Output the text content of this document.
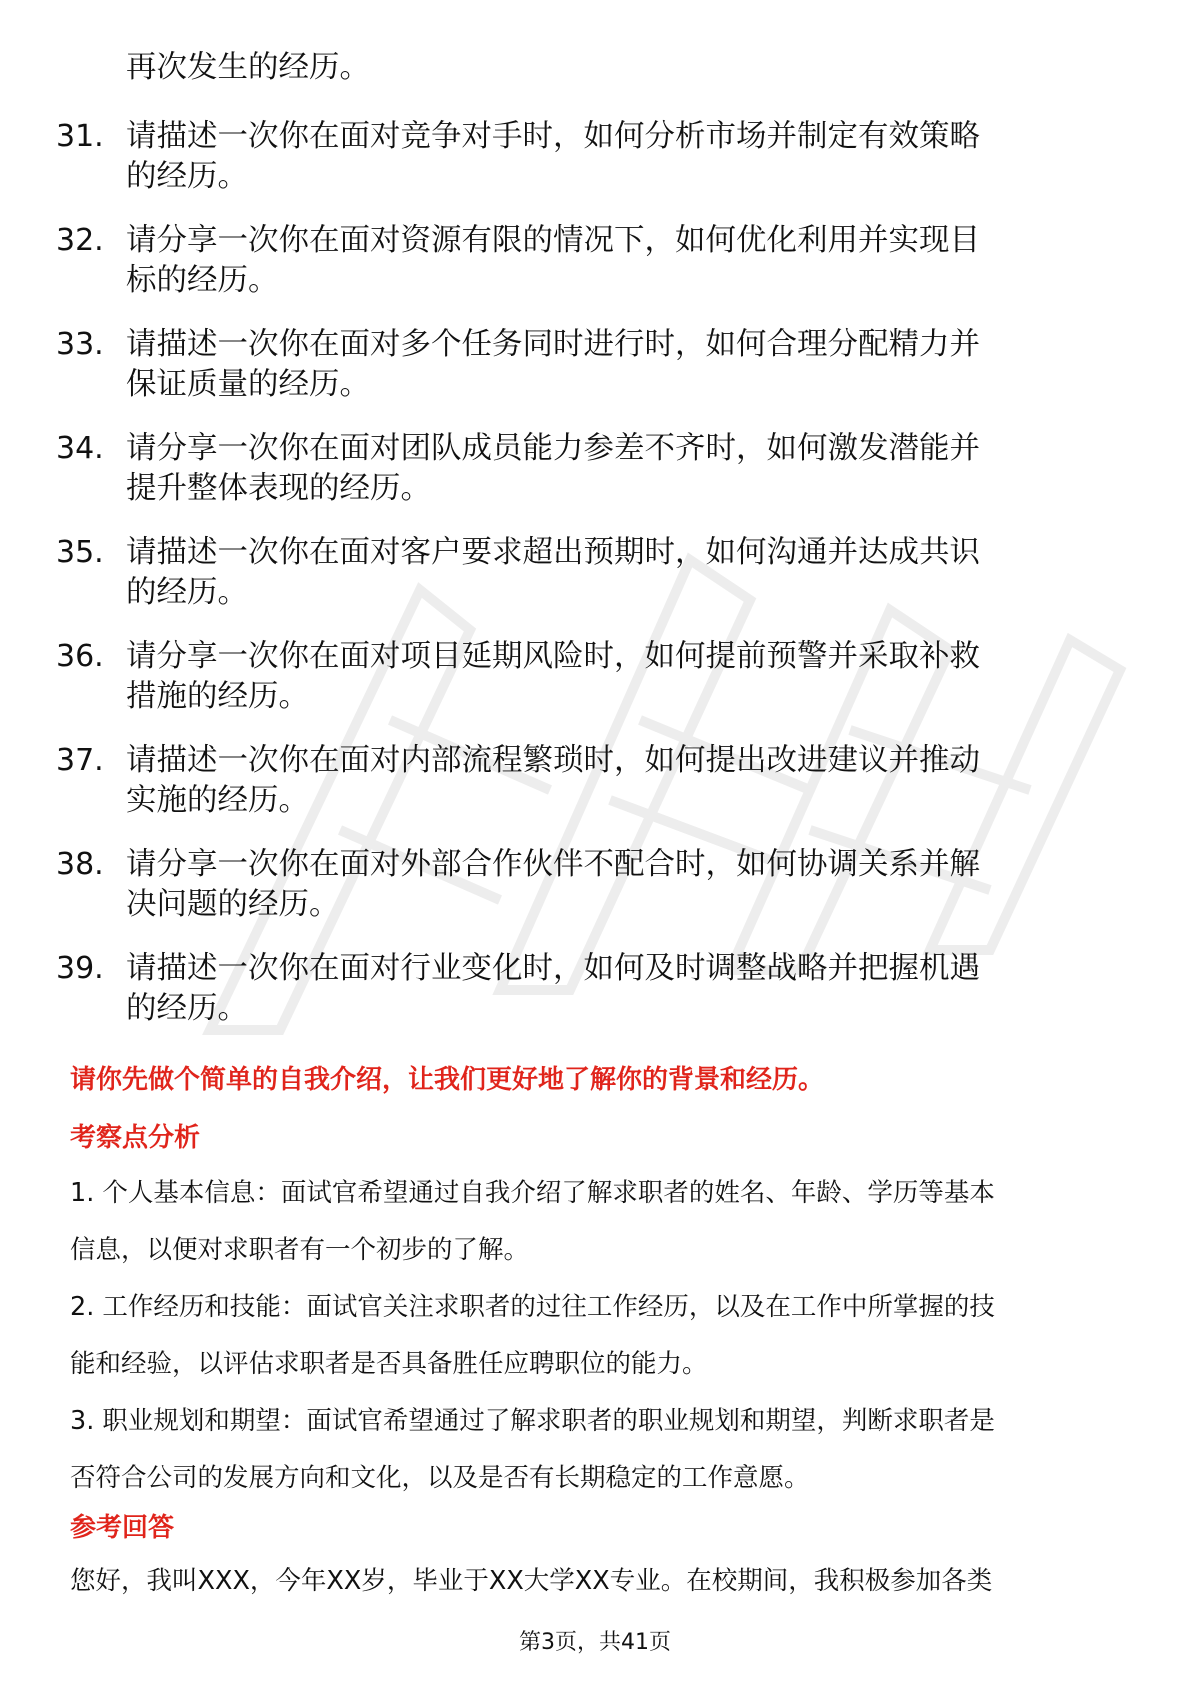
再次发生的经历。
31. 请描述一次你在面对竞争对手时，如何分析市场并制定有效策略
的经历。
32. 请分享一次你在面对资源有限的情况下，如何优化利用并实现目
标的经历。
33. 请描述一次你在面对多个任务同时进行时，如何合理分配精力并
保证质量的经历。
34. 请分享一次你在面对团队成员能力参差不齐时，如何激发潜能并
提升整体表现的经历。
35. 请描述一次你在面对客户要求超出预期时，如何沟通并达成共识
的经历。
36. 请分享一次你在面对项目延期风险时，如何提前预警并采取补救
措施的经历。
37. 请描述一次你在面对内部流程繁琐时，如何提出改进建议并推动
实施的经历。
38. 请分享一次你在面对外部合作伙伴不配合时，如何协调关系并解
决问题的经历。
39. 请描述一次你在面对行业变化时，如何及时调整战略并把握机遇
的经历。
请你先做个简单的自我介绍，让我们更好地了解你的背景和经历。
考察点分析
1. 个人基本信息：面试官希望通过自我介绍了解求职者的姓名、年龄、学历等基本
信息，以便对求职者有一个初步的了解。
2. 工作经历和技能：面试官关注求职者的过往工作经历，以及在工作中所掌握的技
能和经验，以评估求职者是否具备胜任应聘职位的能力。
3. 职业规划和期望：面试官希望通过了解求职者的职业规划和期望，判断求职者是
否符合公司的发展方向和文化，以及是否有长期稳定的工作意愿。
参考回答
您好，我叫XXX，今年XX岁，毕业于XX大学XX专业。在校期间，我积极参加各类
第3页，共41页
